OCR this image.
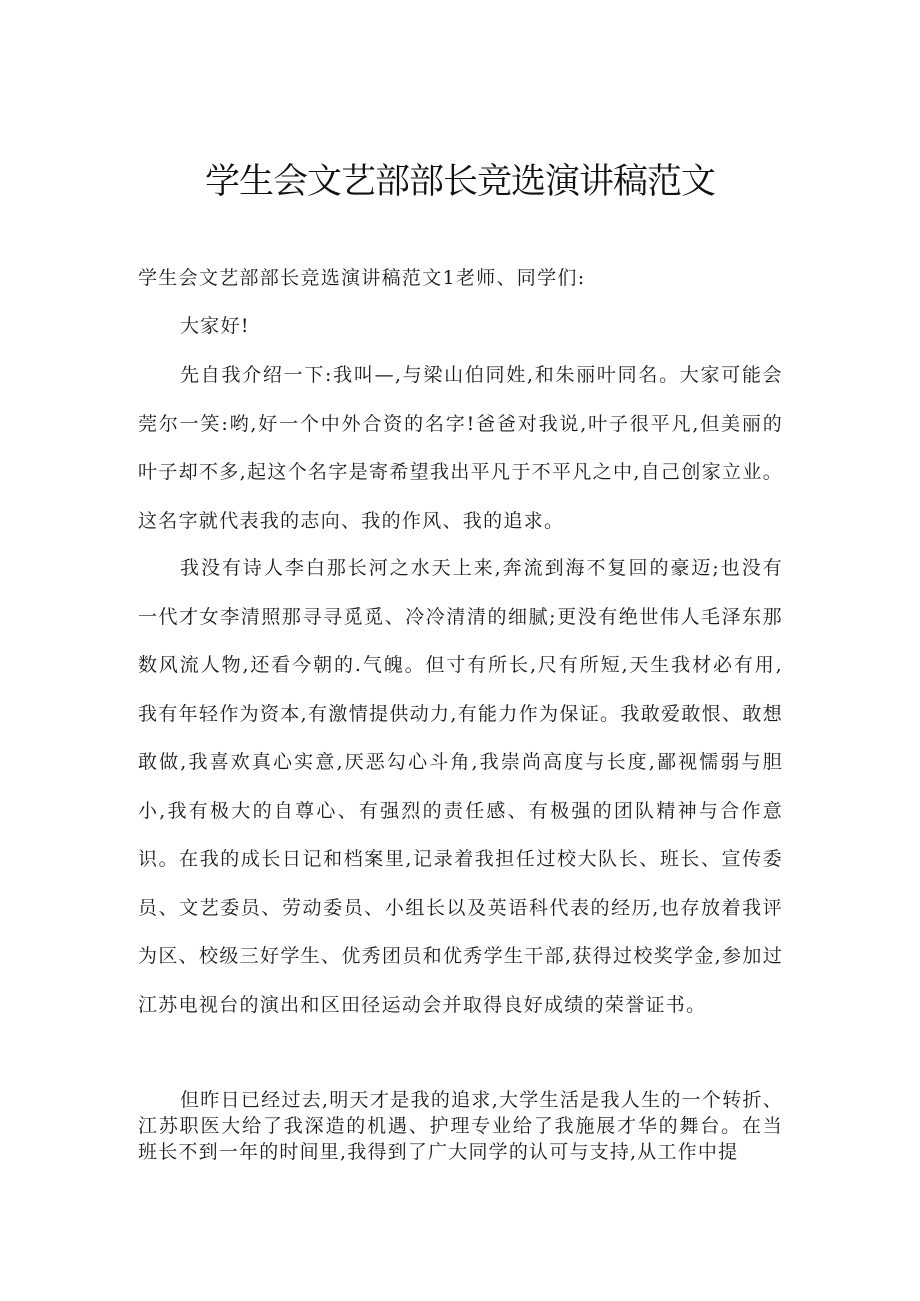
学生会文艺部部长竞选演讲稿范文

学生会文艺部部长竞选演讲稿范文1老师、同学们:

大家好!

先自我介绍一下:我叫—,与梁山伯同姓,和朱丽叶同名。大家可能会莞尔一笑:哟,好一个中外合资的名字!爸爸对我说,叶子很平凡,但美丽的叶子却不多,起这个名字是寄希望我出平凡于不平凡之中,自己创家立业。这名字就代表我的志向、我的作风、我的追求。

我没有诗人李白那长河之水天上来,奔流到海不复回的豪迈;也没有一代才女李清照那寻寻觅觅、冷冷清清的细腻;更没有绝世伟人毛泽东那数风流人物,还看今朝的.气魄。但寸有所长,尺有所短,天生我材必有用,我有年轻作为资本,有激情提供动力,有能力作为保证。我敢爱敢恨、敢想敢做,我喜欢真心实意,厌恶勾心斗角,我崇尚高度与长度,鄙视懦弱与胆小,我有极大的自尊心、有强烈的责任感、有极强的团队精神与合作意识。在我的成长日记和档案里,记录着我担任过校大队长、班长、宣传委员、文艺委员、劳动委员、小组长以及英语科代表的经历,也存放着我评为区、校级三好学生、优秀团员和优秀学生干部,获得过校奖学金,参加过江苏电视台的演出和区田径运动会并取得良好成绩的荣誉证书。

但昨日已经过去,明天才是我的追求,大学生活是我人生的一个转折、江苏职医大给了我深造的机遇、护理专业给了我施展才华的舞台。在当班长不到一年的时间里,我得到了广大同学的认可与支持,从工作中提
